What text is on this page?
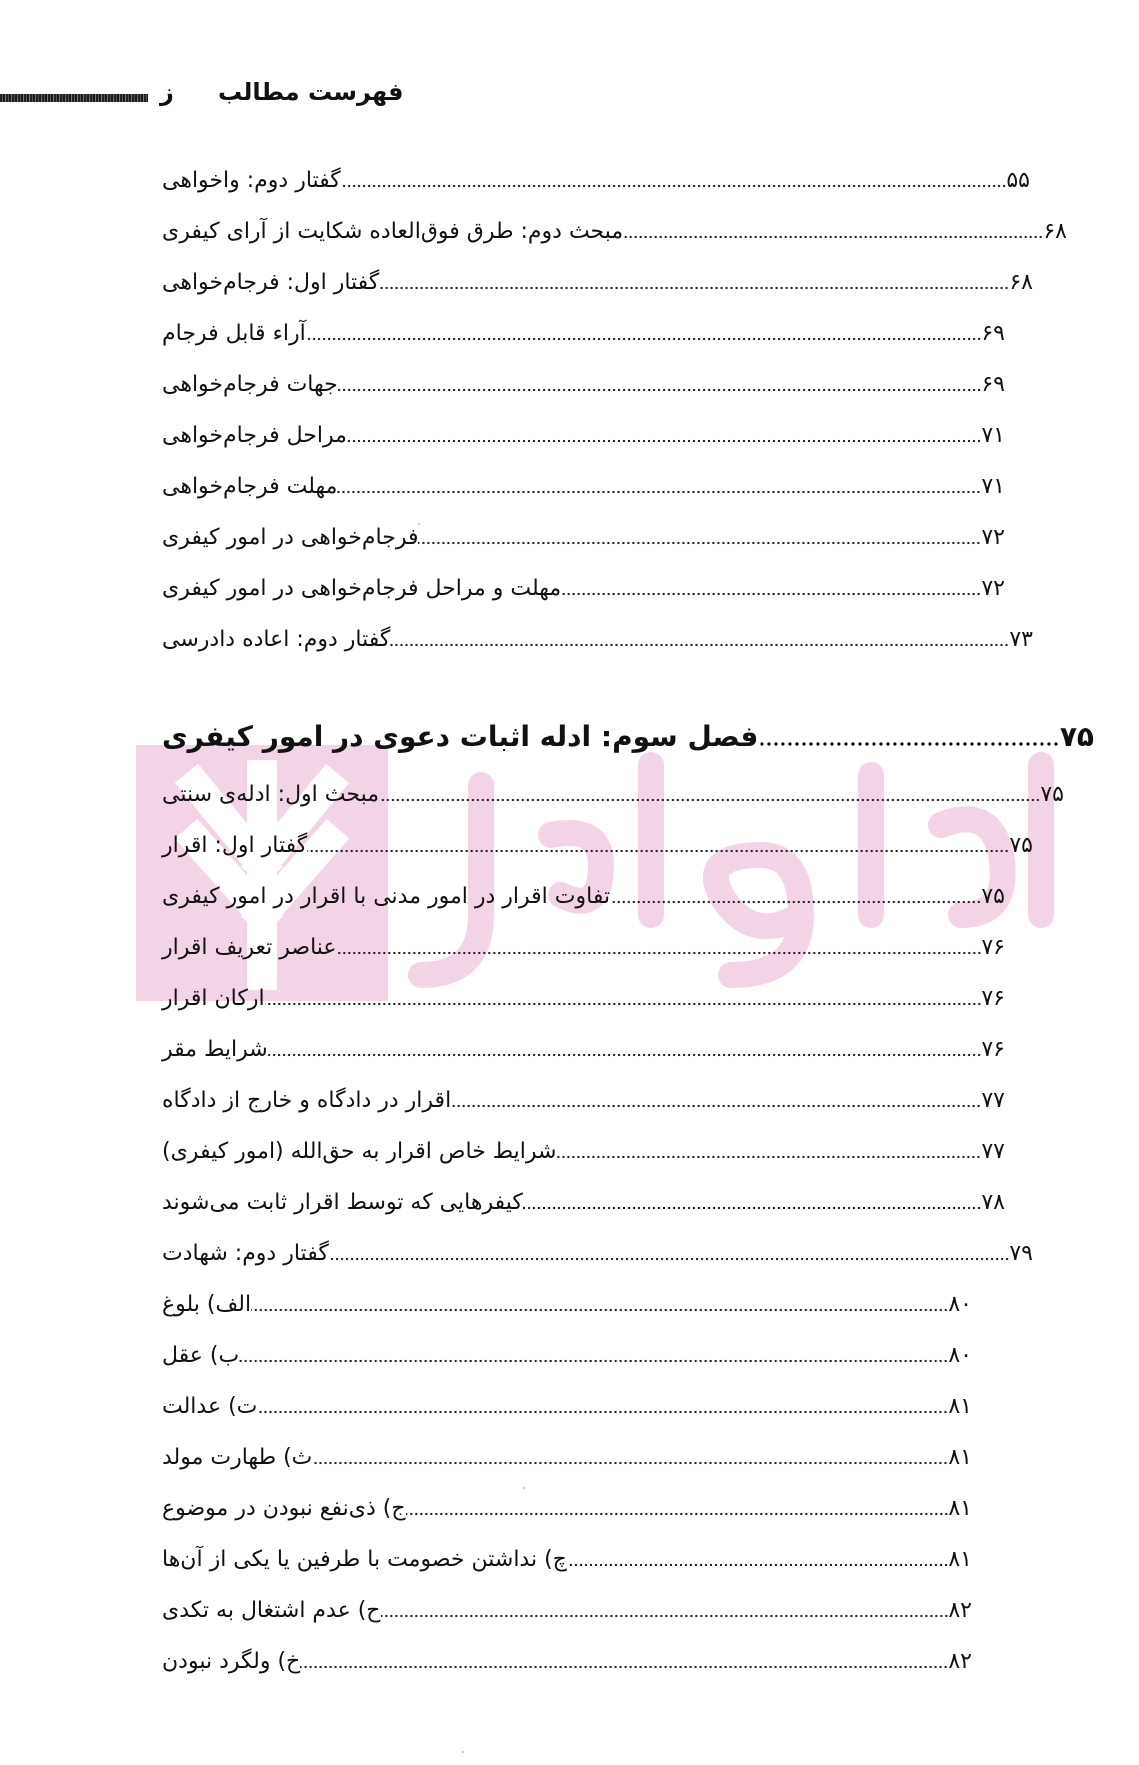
ز فهرست مطالب
گفتار دوم: واخواهی	۵۵
مبحث دوم: طرق فوق‌العاده شکایت از آرای کیفری	۶۸
گفتار اول: فرجام‌خواهی	۶۸
آراء قابل فرجام	۶۹
جهات فرجام‌خواهی	۶۹
مراحل فرجام‌خواهی	۷۱
مهلت فرجام‌خواهی	۷۱
فرجام‌خواهی در امور کیفری	۷۲
مهلت و مراحل فرجام‌خواهی در امور کیفری	۷۲
گفتار دوم: اعاده دادرسی	۷۳
فصل سوم: ادله اثبات دعوی در امور کیفری	۷۵
مبحث اول: ادله‌ی سنتی	۷۵
گفتار اول: اقرار	۷۵
تفاوت اقرار در امور مدنی با اقرار در امور کیفری	۷۵
عناصر تعریف اقرار	۷۶
ارکان اقرار	۷۶
شرایط مقر	۷۶
اقرار در دادگاه و خارج از دادگاه	۷۷
شرایط خاص اقرار به حق‌الله (امور کیفری)	۷۷
کیفرهایی که توسط اقرار ثابت می‌شوند	۷۸
گفتار دوم: شهادت	۷۹
الف) بلوغ	۸۰
ب) عقل	۸۰
ت) عدالت	۸۱
ث) طهارت مولد	۸۱
ج) ذی‌نفع نبودن در موضوع	۸۱
چ) نداشتن خصومت با طرفین یا یکی از آن‌ها	۸۱
ح) عدم اشتغال به تکدی	۸۲
خ) ولگرد نبودن	۸۲
